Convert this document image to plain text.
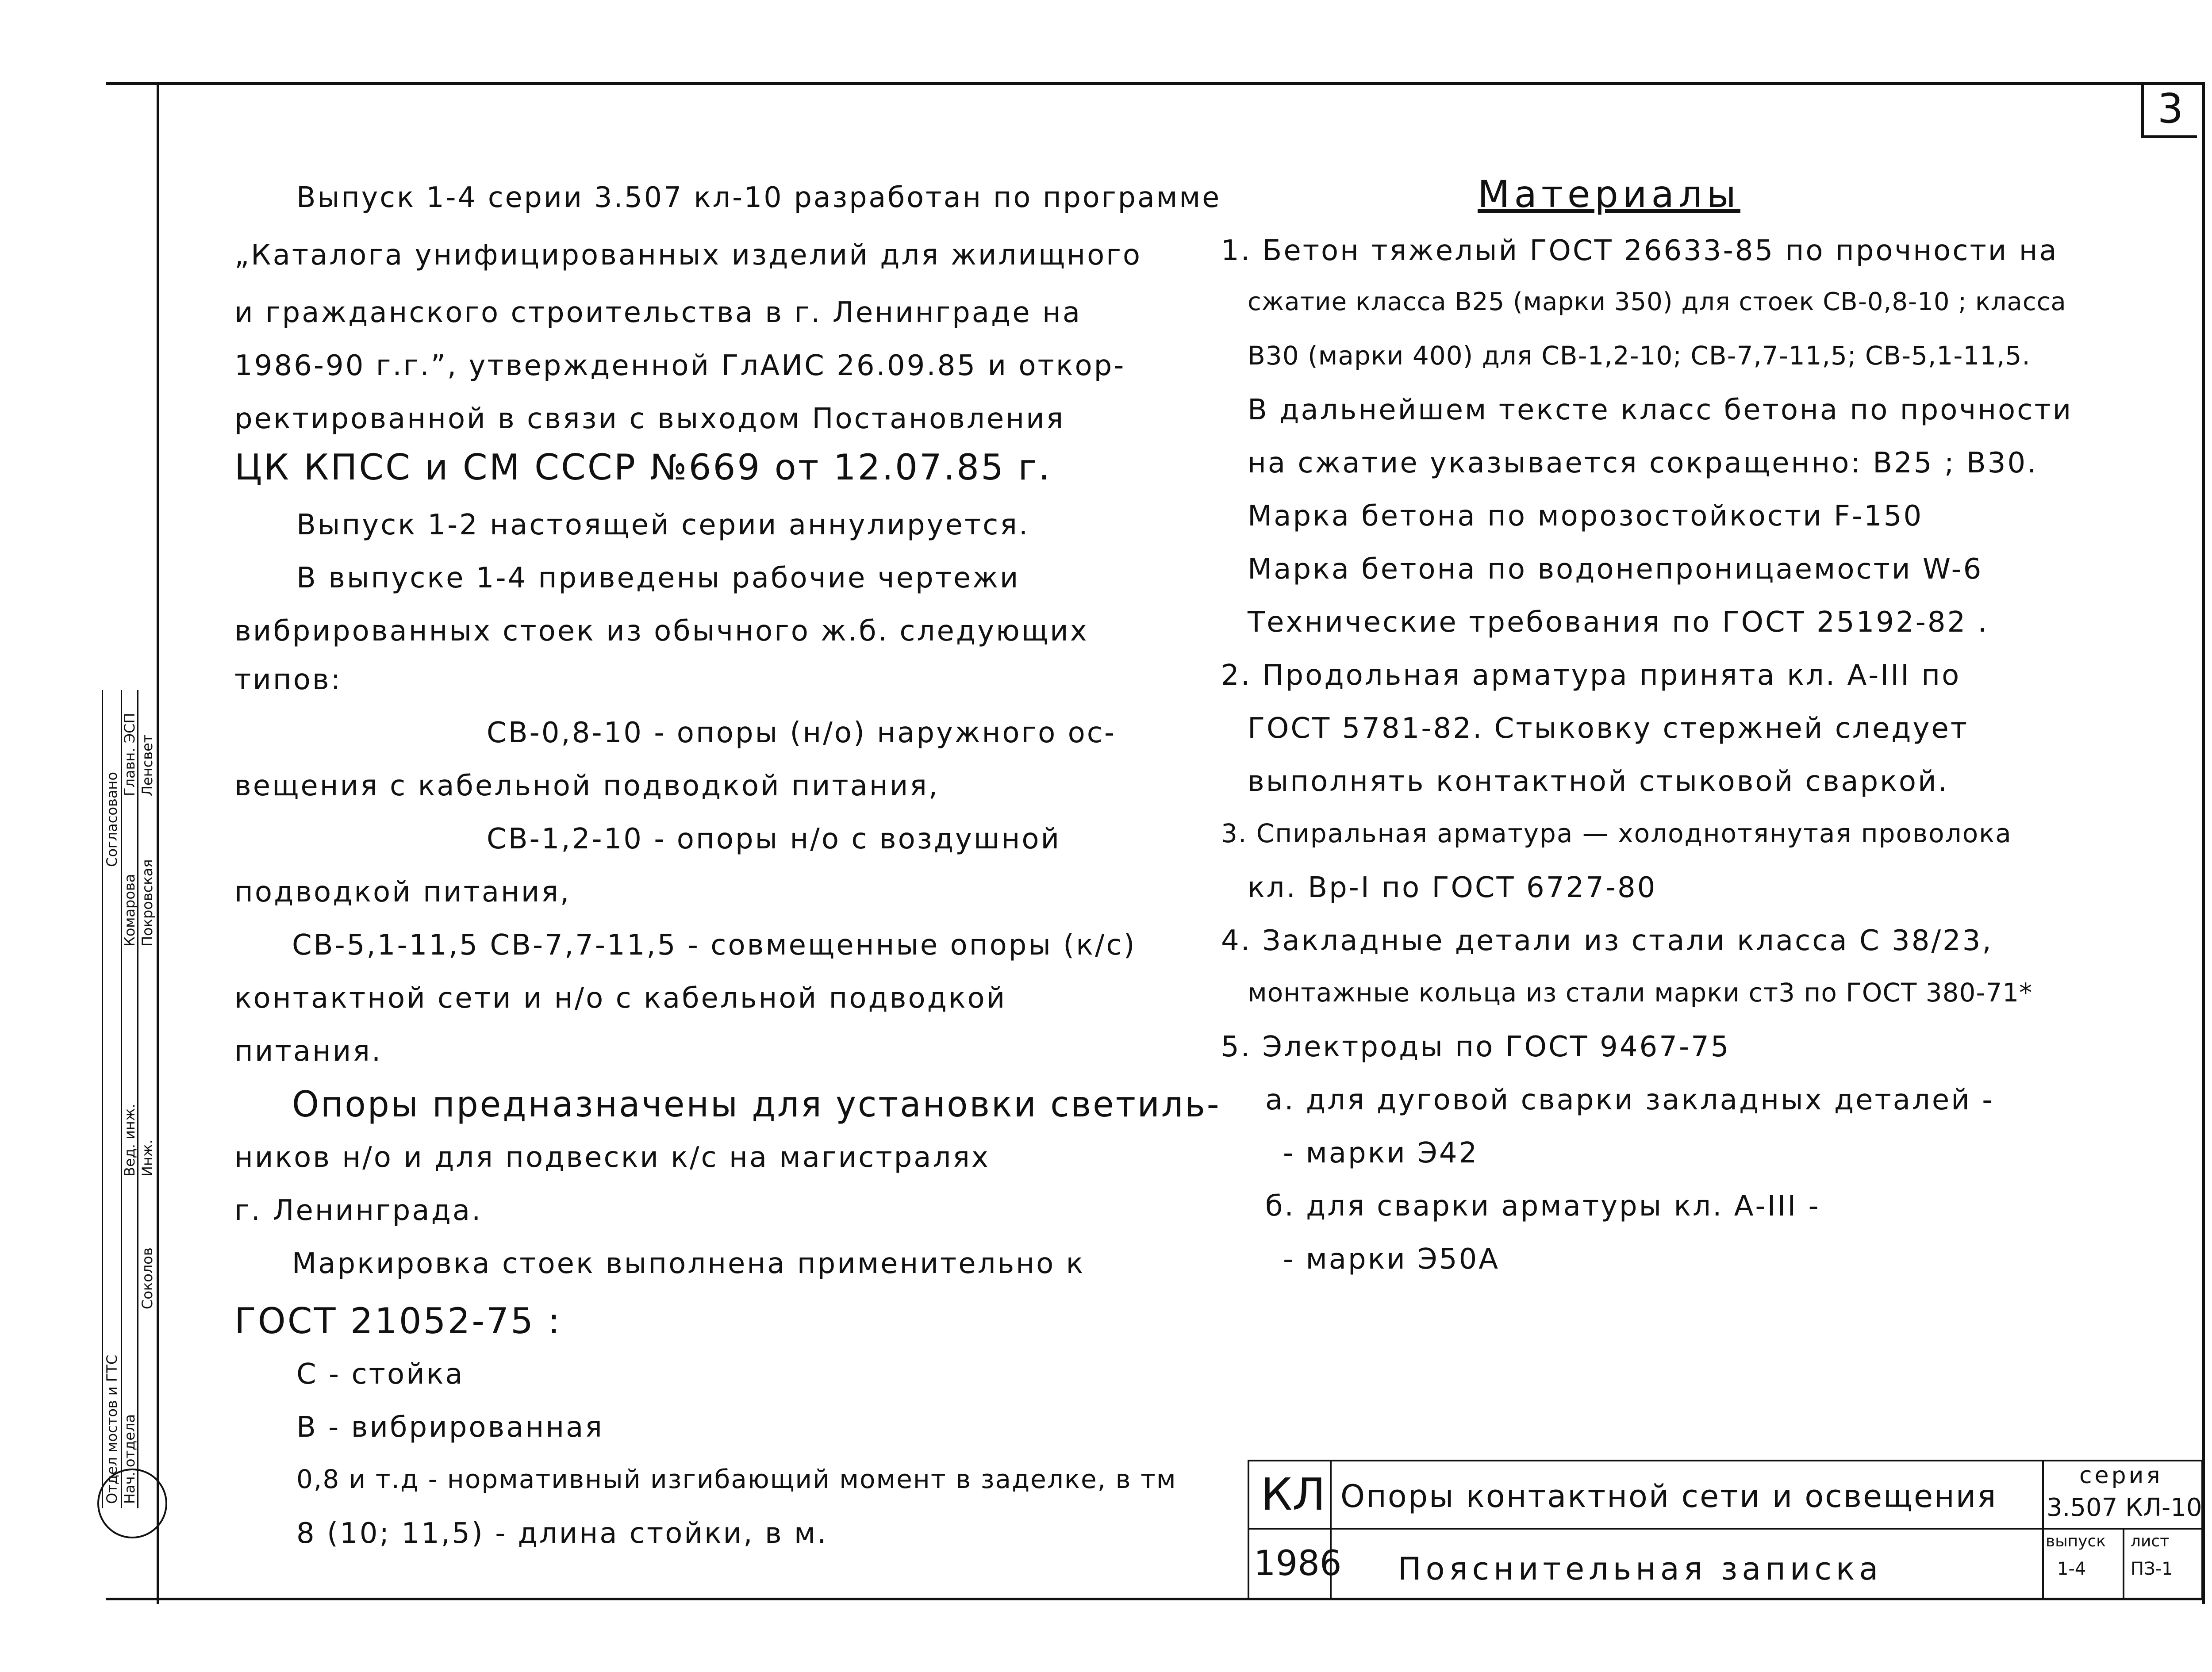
3
Выпуск 1-4 серии 3.507 кл-10 разработан по программе
„Каталога унифицированных изделий для жилищного
и гражданского строительства в г. Ленинграде на
1986-90 г.г.”, утвержденной ГлАИС 26.09.85 и откор-
ректированной в связи с выходом Постановления
ЦК КПСС и СМ СССР №669 от 12.07.85 г.
Выпуск 1-2 настоящей серии аннулируется.
В выпуске 1-4 приведены рабочие чертежи
вибрированных стоек из обычного ж.б. следующих
типов:
СВ-0,8-10 - опоры (н/о) наружного ос-
вещения с кабельной подводкой питания,
СВ-1,2-10 - опоры н/о с воздушной
подводкой питания,
СВ-5,1-11,5 СВ-7,7-11,5 - совмещенные опоры (к/с)
контактной сети и н/о с кабельной подводкой
питания.
Опоры предназначены для установки светиль-
ников н/о и для подвески к/с на магистралях
г. Ленинграда.
Маркировка стоек выполнена применительно к
ГОСТ 21052-75 :
С - стойка
В - вибрированная
0,8 и т.д - нормативный изгибающий момент в заделке, в тм
8 (10; 11,5) - длина стойки, в м.
Материалы
1. Бетон тяжелый ГОСТ 26633-85 по прочности на
сжатие класса В25 (марки 350) для стоек СВ-0,8-10 ; класса
В30 (марки 400) для СВ-1,2-10; СВ-7,7-11,5; СВ-5,1-11,5.
В дальнейшем тексте класс бетона по прочности
на сжатие указывается сокращенно: В25 ; В30.
Марка бетона по морозостойкости F-150
Марка бетона по водонепроницаемости W-6
Технические требования по ГОСТ 25192-82 .
2. Продольная арматура принята кл. А-III по
ГОСТ 5781-82. Стыковку стержней следует
выполнять контактной стыковой сваркой.
3. Спиральная арматура — холоднотянутая проволока
кл. Вр-I по ГОСТ 6727-80
4. Закладные детали из стали класса С 38/23,
монтажные кольца из стали марки ст3 по ГОСТ 380-71*
5. Электроды по ГОСТ 9467-75
а. для дуговой сварки закладных деталей -
- марки Э42
б. для сварки арматуры кл. А-III -
- марки Э50А
Отдел мостов и ГТС Нач. отдела
Вед. инж. Инж.
Соколов
Комарова Покровская
Главн. ЭСП Ленсвет
Согласовано
КЛ
1986
Опоры контактной сети и освещения
Пояснительная записка
серия
3.507 КЛ-10
выпуск
1-4
лист
ПЗ-1
